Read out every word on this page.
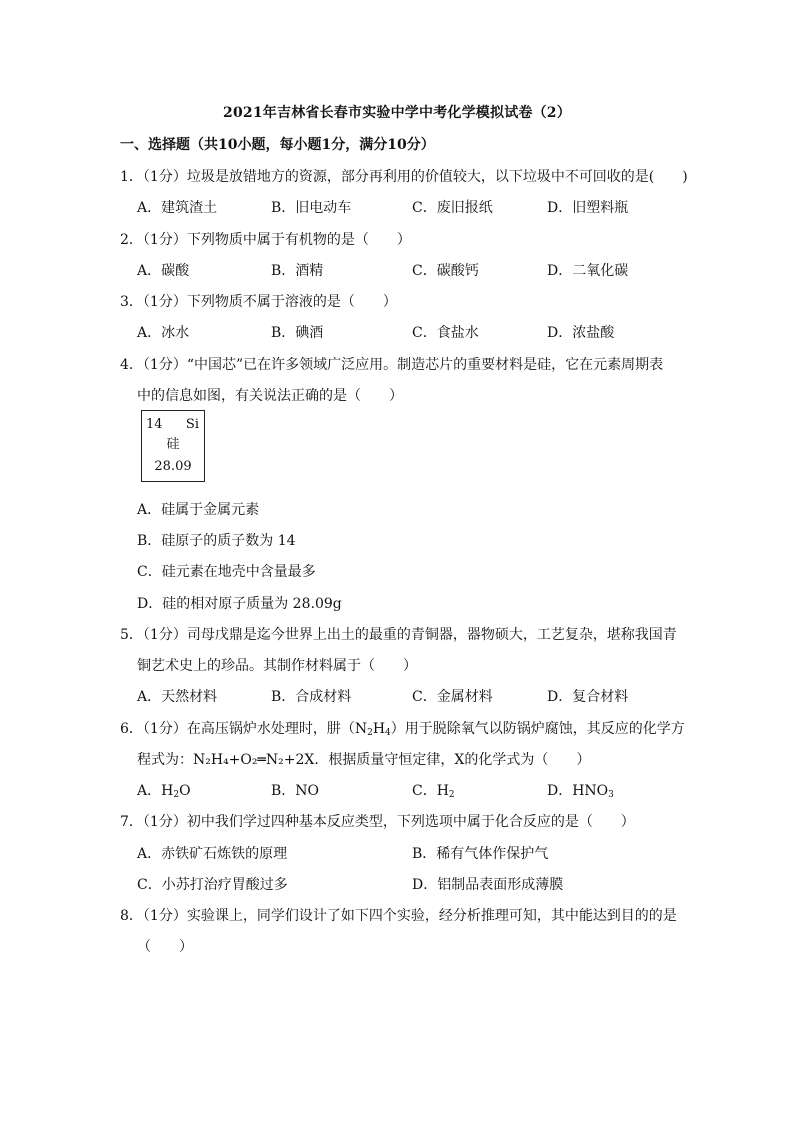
2021年吉林省长春市实验中学中考化学模拟试卷（2）
一、选择题（共10小题，每小题1分，满分10分）
1．（1分）垃圾是放错地方的资源，部分再利用的价值较大，以下垃圾中不可回收的是(　　)
A．建筑渣土	B．旧电动车	C．废旧报纸	D．旧塑料瓶
2．（1分）下列物质中属于有机物的是（　　）
A．碳酸	B．酒精	C．碳酸钙	D．二氧化碳
3．（1分）下列物质不属于溶液的是（　　）
A．冰水	B．碘酒	C．食盐水	D．浓盐酸
4．（1分）“中国芯”已在许多领域广泛应用。制造芯片的重要材料是硅，它在元素周期表
中的信息如图，有关说法正确的是（　　）
14 Si
硅
28.09
A．硅属于金属元素
B．硅原子的质子数为 14
C．硅元素在地壳中含量最多
D．硅的相对原子质量为 28.09g
5．（1分）司母戊鼎是迄今世界上出土的最重的青铜器，器物硕大，工艺复杂，堪称我国青
铜艺术史上的珍品。其制作材料属于（　　）
A．天然材料	B．合成材料	C．金属材料	D．复合材料
6．（1分）在高压锅炉水处理时，肼$(N_2H_4)$用于脱除氧气以防锅炉腐蚀，其反应的化学方
程式为：N₂H₄+O₂═N₂+2X．根据质量守恒定律，X的化学式为（　　）
A．$H_2O$	B．NO	C．$H_2$	D．$HNO_3$
7．（1分）初中我们学过四种基本反应类型，下列选项中属于化合反应的是（　　）
A．赤铁矿石炼铁的原理	B．稀有气体作保护气
C．小苏打治疗胃酸过多	D．铝制品表面形成薄膜
8．（1分）实验课上，同学们设计了如下四个实验，经分析推理可知，其中能达到目的的是
（　　）
